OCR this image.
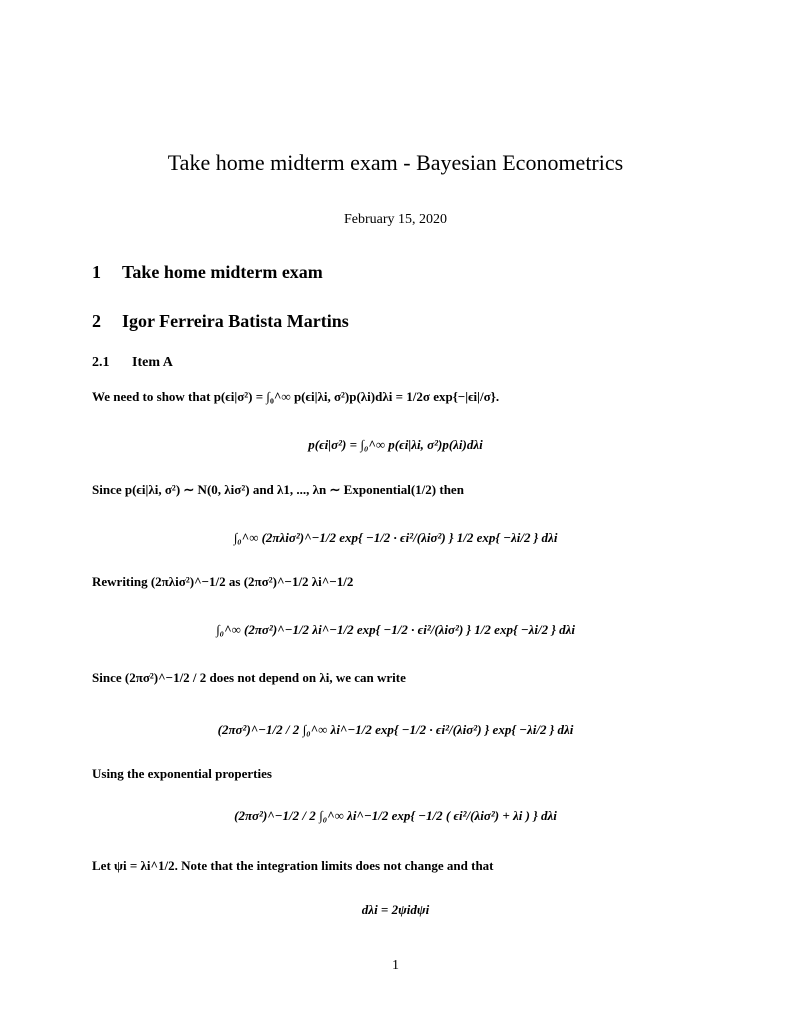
Take home midterm exam - Bayesian Econometrics
February 15, 2020
1 Take home midterm exam
2 Igor Ferreira Batista Martins
2.1 Item A
We need to show that p(ϵi|σ²) = ∫₀^∞ p(ϵi|λi, σ²)p(λi)dλi = 1/2σ exp{−|ϵi|/σ}.
p(ϵi|σ²) = ∫₀^∞ p(ϵi|λi, σ²)p(λi)dλi
Since p(ϵi|λi, σ²) ∼ N(0, λiσ²) and λ1, ..., λn ∼ Exponential(1/2) then
∫₀^∞ (2πλiσ²)^−1/2 exp{ −1/2 · ϵi²/(λiσ²) } 1/2 exp{ −λi/2 } dλi
Rewriting (2πλiσ²)^−1/2 as (2πσ²)^−1/2 λi^−1/2
∫₀^∞ (2πσ²)^−1/2 λi^−1/2 exp{ −1/2 · ϵi²/(λiσ²) } 1/2 exp{ −λi/2 } dλi
Since (2πσ²)^−1/2 / 2 does not depend on λi, we can write
(2πσ²)^−1/2 / 2 ∫₀^∞ λi^−1/2 exp{ −1/2 · ϵi²/(λiσ²) } exp{ −λi/2 } dλi
Using the exponential properties
(2πσ²)^−1/2 / 2 ∫₀^∞ λi^−1/2 exp{ −1/2 ( ϵi²/(λiσ²) + λi ) } dλi
Let ψi = λi^1/2. Note that the integration limits does not change and that
dλi = 2ψidψi
1
